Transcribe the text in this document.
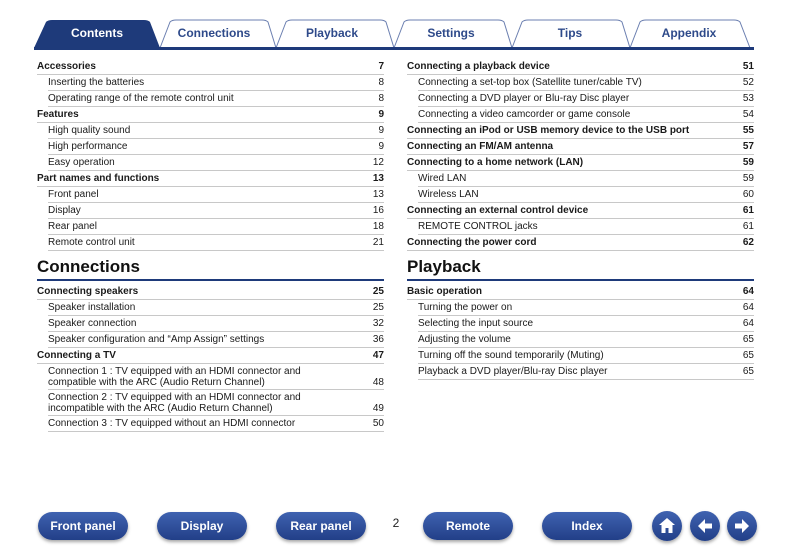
Contents	Connections	Playback	Settings	Tips	Appendix
Accessories	7
Inserting the batteries	8
Operating range of the remote control unit	8
Features	9
High quality sound	9
High performance	9
Easy operation	12
Part names and functions	13
Front panel	13
Display	16
Rear panel	18
Remote control unit	21
Connections
Connecting speakers	25
Speaker installation	25
Speaker connection	32
Speaker configuration and “Amp Assign” settings	36
Connecting a TV	47
Connection 1 : TV equipped with an HDMI connector and compatible with the ARC (Audio Return Channel)	48
Connection 2 : TV equipped with an HDMI connector and incompatible with the ARC (Audio Return Channel)	49
Connection 3 : TV equipped without an HDMI connector	50
Connecting a playback device	51
Connecting a set-top box (Satellite tuner/cable TV)	52
Connecting a DVD player or Blu-ray Disc player	53
Connecting a video camcorder or game console	54
Connecting an iPod or USB memory device to the USB port	55
Connecting an FM/AM antenna	57
Connecting to a home network (LAN)	59
Wired LAN	59
Wireless LAN	60
Connecting an external control device	61
REMOTE CONTROL jacks	61
Connecting the power cord	62
Playback
Basic operation	64
Turning the power on	64
Selecting the input source	64
Adjusting the volume	65
Turning off the sound temporarily (Muting)	65
Playback a DVD player/Blu-ray Disc player	65
Front panel	Display	Rear panel	2	Remote	Index
